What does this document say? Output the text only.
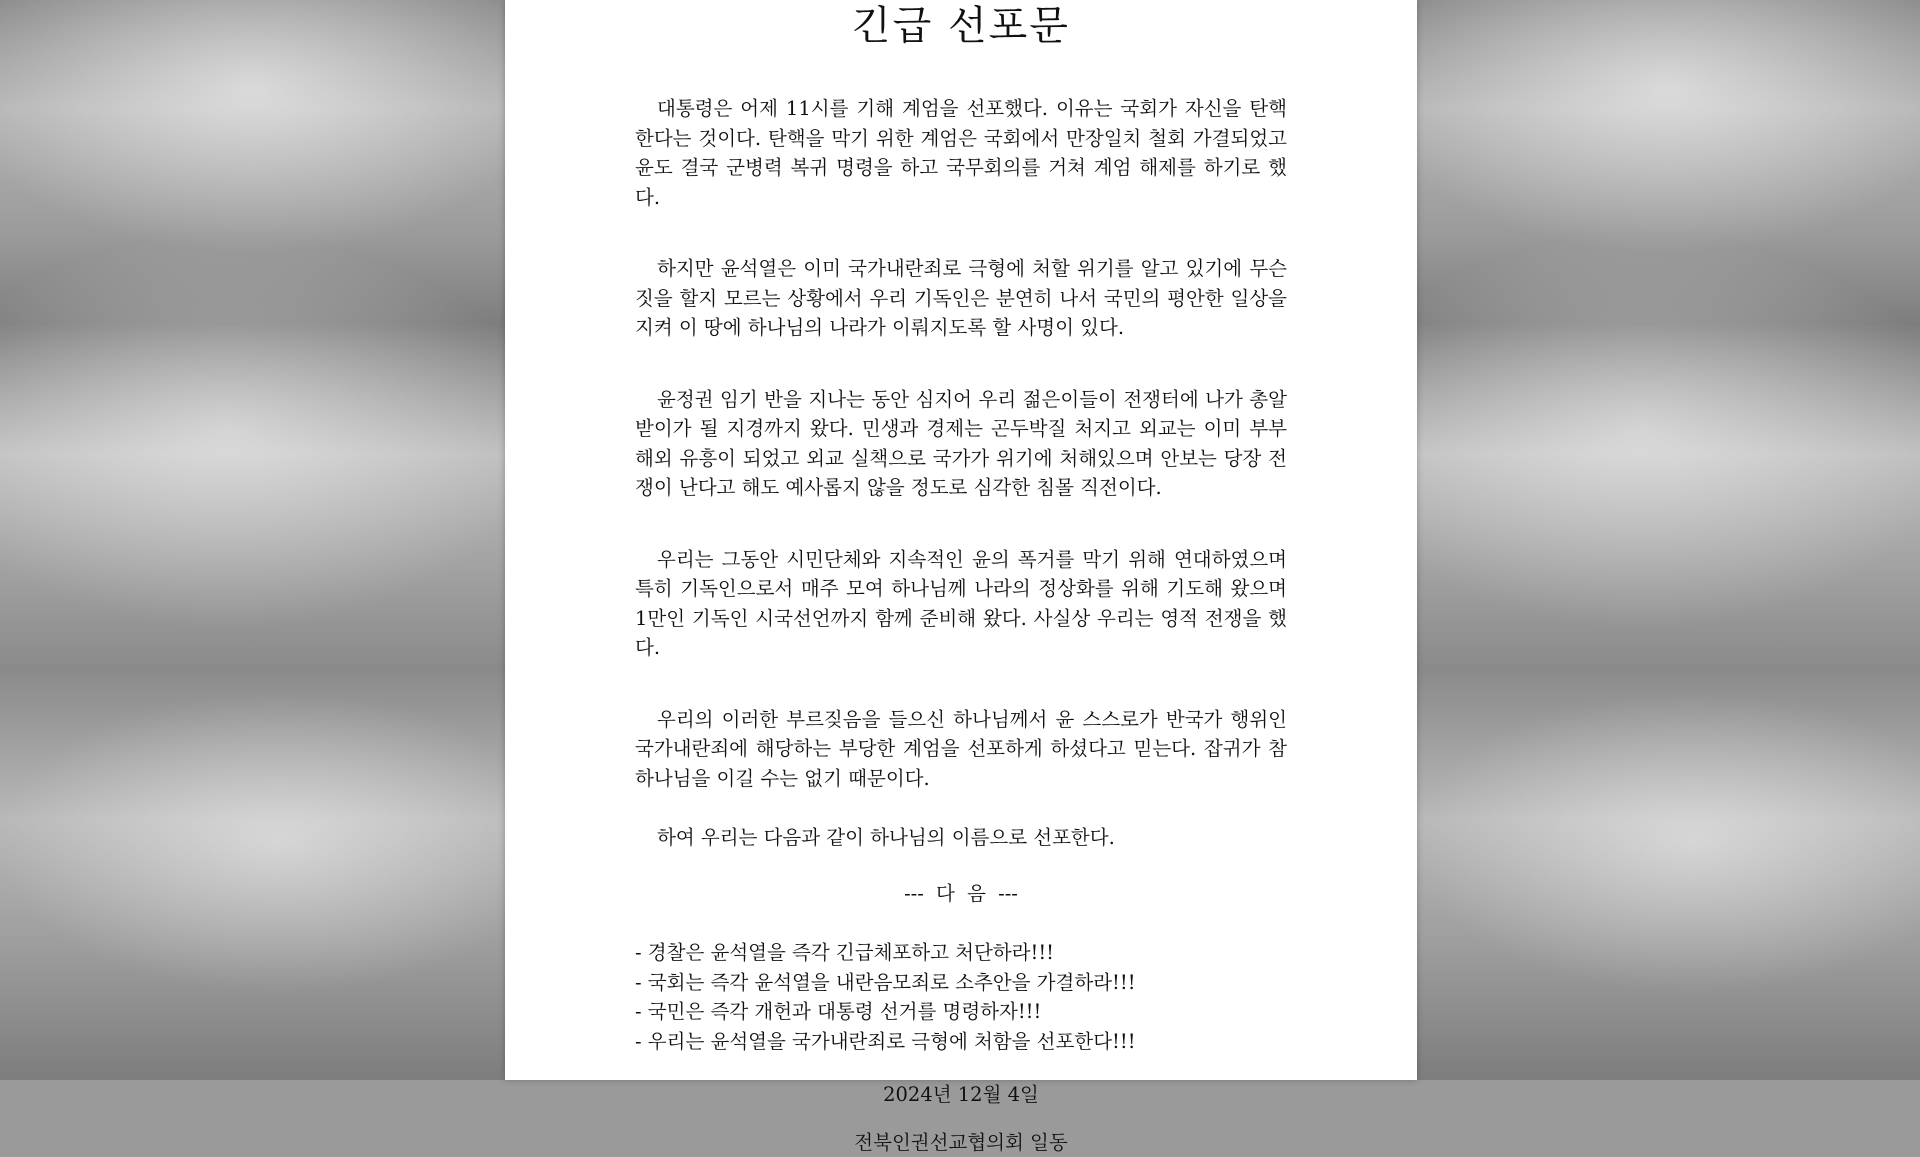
긴급 선포문

대통령은 어제 11시를 기해 계엄을 선포했다. 이유는 국회가 자신을 탄핵한다는 것이다. 탄핵을 막기 위한 계엄은 국회에서 만장일치 철회 가결되었고 윤도 결국 군병력 복귀 명령을 하고 국무회의를 거쳐 계엄 해제를 하기로 했다.

하지만 윤석열은 이미 국가내란죄로 극형에 처할 위기를 알고 있기에 무슨 짓을 할지 모르는 상황에서 우리 기독인은 분연히 나서 국민의 평안한 일상을 지켜 이 땅에 하나님의 나라가 이뤄지도록 할 사명이 있다.

윤정권 임기 반을 지나는 동안 심지어 우리 젊은이들이 전쟁터에 나가 총알받이가 될 지경까지 왔다. 민생과 경제는 곤두박질 처지고 외교는 이미 부부해외 유흥이 되었고 외교 실책으로 국가가 위기에 처해있으며 안보는 당장 전쟁이 난다고 해도 예사롭지 않을 정도로 심각한 침몰 직전이다.

우리는 그동안 시민단체와 지속적인 윤의 폭거를 막기 위해 연대하였으며 특히 기독인으로서 매주 모여 하나님께 나라의 정상화를 위해 기도해 왔으며 1만인 기독인 시국선언까지 함께 준비해 왔다. 사실상 우리는 영적 전쟁을 했다.

우리의 이러한 부르짖음을 들으신 하나님께서 윤 스스로가 반국가 행위인 국가내란죄에 해당하는 부당한 계엄을 선포하게 하셨다고 믿는다. 잡귀가 참 하나님을 이길 수는 없기 때문이다.

하여 우리는 다음과 같이 하나님의 이름으로 선포한다.

--- 다 음 ---

- 경찰은 윤석열을 즉각 긴급체포하고 처단하라!!!
- 국회는 즉각 윤석열을 내란음모죄로 소추안을 가결하라!!!
- 국민은 즉각 개헌과 대통령 선거를 명령하자!!!
- 우리는 윤석열을 국가내란죄로 극형에 처함을 선포한다!!!

2024년 12월 4일

전북인권선교협의회 일동
